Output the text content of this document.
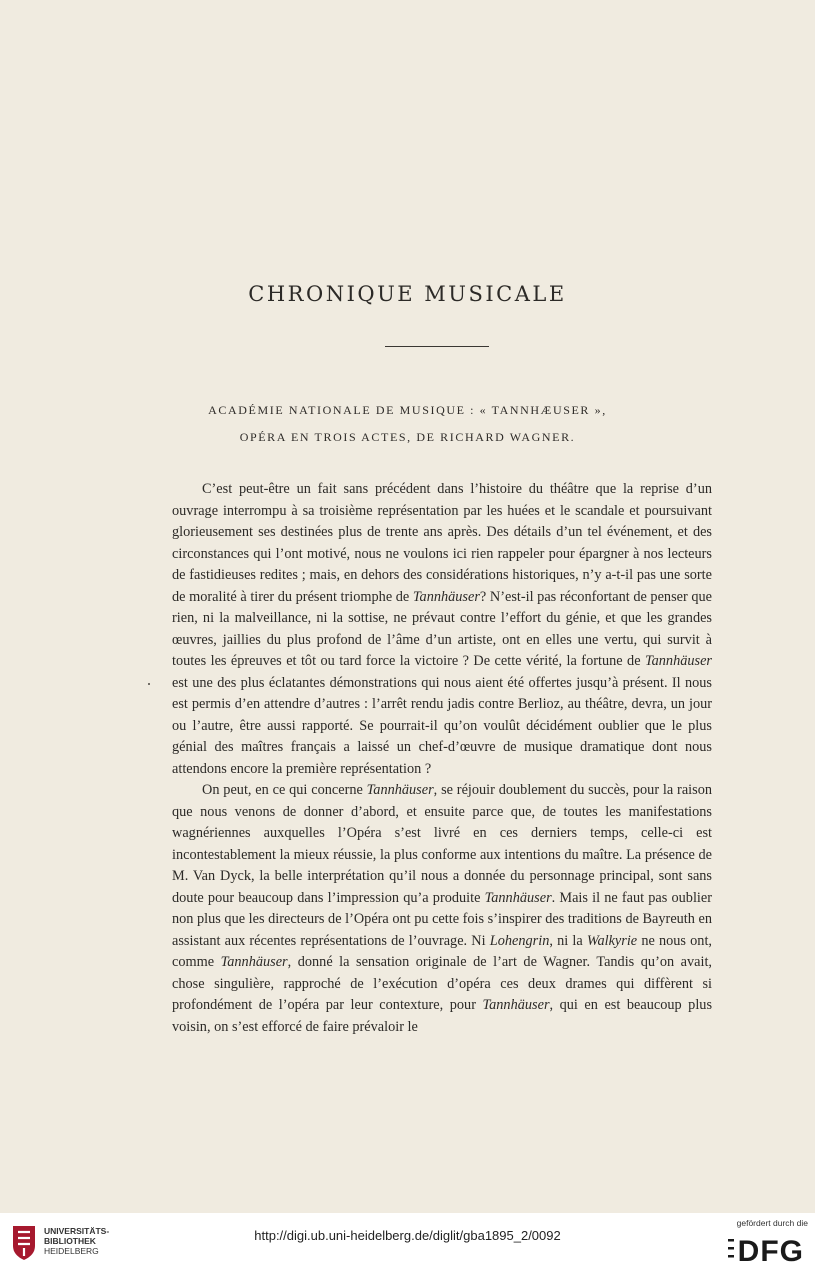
CHRONIQUE MUSICALE
ACADÉMIE NATIONALE DE MUSIQUE : « TANNHÆUSER »,
OPÉRA EN TROIS ACTES, DE RICHARD WAGNER.

C’est peut-être un fait sans précédent dans l’histoire du théâtre que la reprise d’un ouvrage interrompu à sa troisième représentation par les huées et le scandale et poursuivant glorieusement ses destinées plus de trente ans après. Des détails d’un tel événement, et des circonstances qui l’ont motivé, nous ne voulons ici rien rappeler pour épargner à nos lecteurs de fastidieuses redites ; mais, en dehors des considérations historiques, n’y a-t-il pas une sorte de moralité à tirer du présent triomphe de Tannhäuser? N’est-il pas réconfortant de penser que rien, ni la malveillance, ni la sottise, ne prévaut contre l’effort du génie, et que les grandes œuvres, jaillies du plus profond de l’âme d’un artiste, ont en elles une vertu, qui survit à toutes les épreuves et tôt ou tard force la victoire ? De cette vérité, la fortune de Tannhäuser est une des plus éclatantes démonstrations qui nous aient été offertes jusqu’à présent. Il nous est permis d’en attendre d’autres : l’arrêt rendu jadis contre Berlioz, au théâtre, devra, un jour ou l’autre, être aussi rapporté. Se pourrait-il qu’on voulût décidément oublier que le plus génial des maîtres français a laissé un chef-d’œuvre de musique dramatique dont nous attendons encore la première représentation ?

On peut, en ce qui concerne Tannhäuser, se réjouir doublement du succès, pour la raison que nous venons de donner d’abord, et ensuite parce que, de toutes les manifestations wagnériennes auxquelles l’Opéra s’est livré en ces derniers temps, celle-ci est incontestablement la mieux réussie, la plus conforme aux intentions du maître. La présence de M. Van Dyck, la belle interprétation qu’il nous a donnée du personnage principal, sont sans doute pour beaucoup dans l’impression qu’a produite Tannhäuser. Mais il ne faut pas oublier non plus que les directeurs de l’Opéra ont pu cette fois s’inspirer des traditions de Bayreuth en assistant aux récentes représentations de l’ouvrage. Ni Lohengrin, ni la Walkyrie ne nous ont, comme Tannhäuser, donné la sensation originale de l’art de Wagner. Tandis qu’on avait, chose singulière, rapproché de l’exécution d’opéra ces deux drames qui diffèrent si profondément de l’opéra par leur contexture, pour Tannhäuser, qui en est beaucoup plus voisin, on s’est efforcé de faire prévaloir le

UNIVERSITÄTS-
BIBLIOTHEK
HEIDELBERG
http://digi.ub.uni-heidelberg.de/diglit/gba1895_2/0092
gefördert durch die
DFG
